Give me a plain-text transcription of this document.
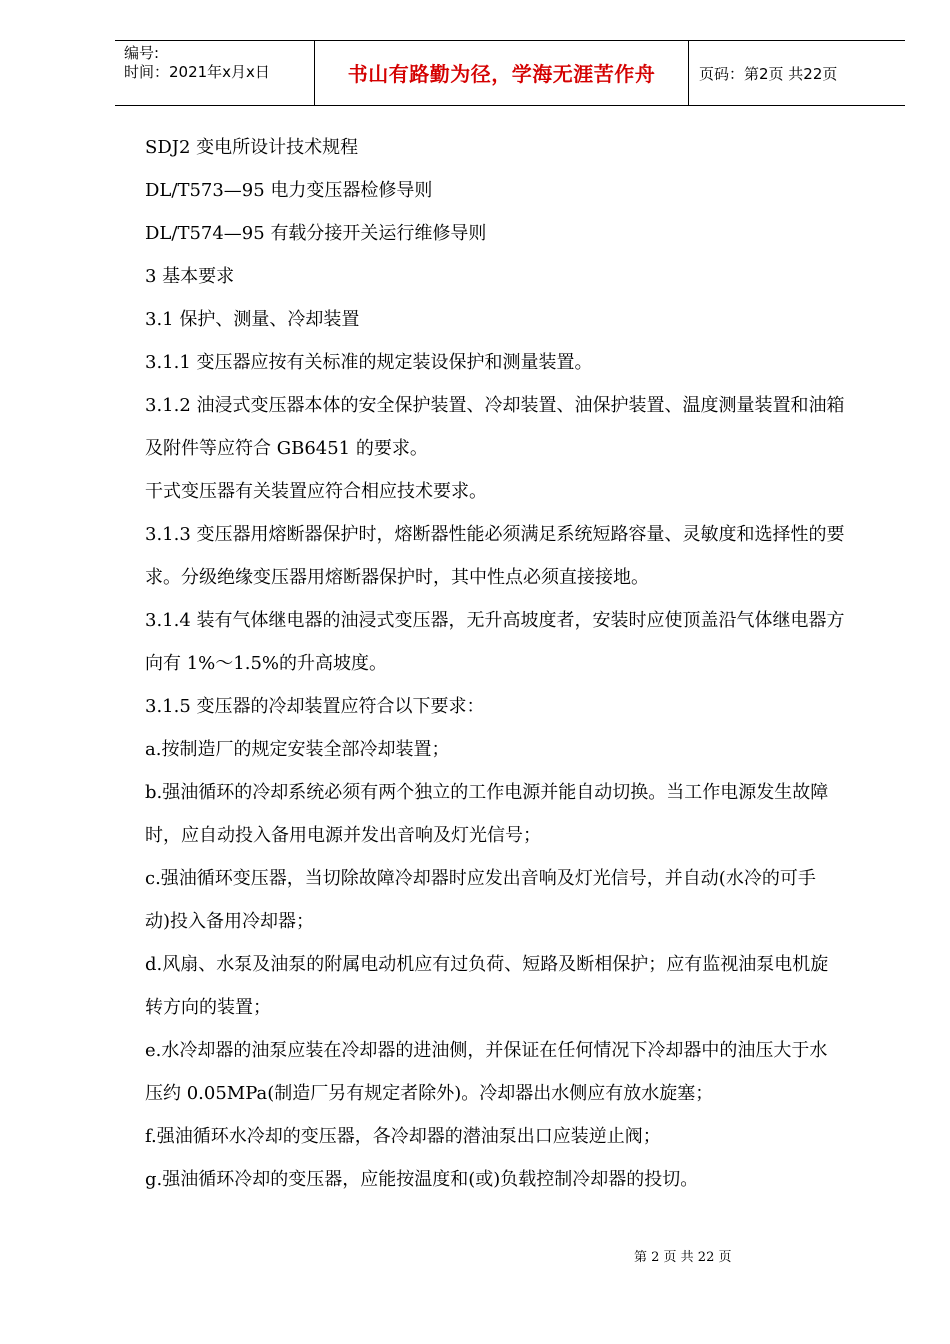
编号:
时间：2021年x月x日	书山有路勤为径，学海无涯苦作舟	页码：第2页 共22页
SDJ2 变电所设计技术规程
DL/T573—95 电力变压器检修导则
DL/T574—95 有载分接开关运行维修导则
3 基本要求
3.1 保护、测量、冷却装置
3.1.1 变压器应按有关标准的规定装设保护和测量装置。
3.1.2 油浸式变压器本体的安全保护装置、冷却装置、油保护装置、温度测量装置和油箱
及附件等应符合 GB6451 的要求。
干式变压器有关装置应符合相应技术要求。
3.1.3 变压器用熔断器保护时，熔断器性能必须满足系统短路容量、灵敏度和选择性的要
求。分级绝缘变压器用熔断器保护时，其中性点必须直接接地。
3.1.4 装有气体继电器的油浸式变压器，无升高坡度者，安装时应使顶盖沿气体继电器方
向有 1%～1.5%的升高坡度。
3.1.5 变压器的冷却装置应符合以下要求：
a.按制造厂的规定安装全部冷却装置；
b.强油循环的冷却系统必须有两个独立的工作电源并能自动切换。当工作电源发生故障
时，应自动投入备用电源并发出音响及灯光信号；
c.强油循环变压器，当切除故障冷却器时应发出音响及灯光信号，并自动(水冷的可手
动)投入备用冷却器；
d.风扇、水泵及油泵的附属电动机应有过负荷、短路及断相保护；应有监视油泵电机旋
转方向的装置；
e.水冷却器的油泵应装在冷却器的进油侧，并保证在任何情况下冷却器中的油压大于水
压约 0.05MPa(制造厂另有规定者除外)。冷却器出水侧应有放水旋塞；
f.强油循环水冷却的变压器，各冷却器的潜油泵出口应装逆止阀；
g.强油循环冷却的变压器，应能按温度和(或)负载控制冷却器的投切。
第 2 页 共 22 页
